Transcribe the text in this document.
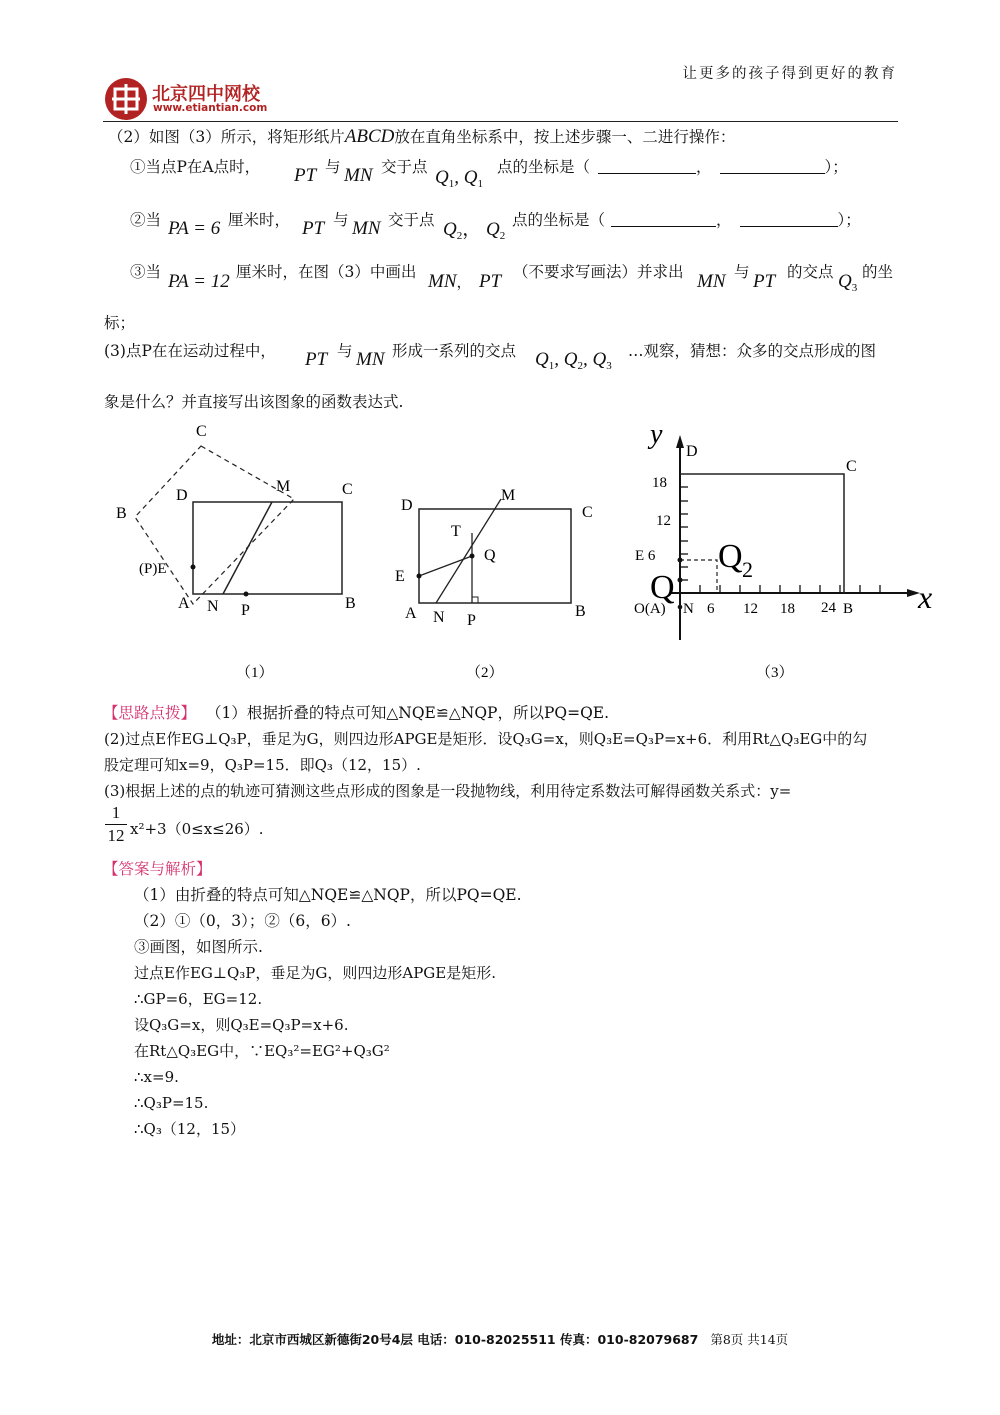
北京四中网校
www.etiantian.com
让更多的孩子得到更好的教育
（2）如图（3）所示，将矩形纸片ABCD放在直角坐标系中，按上述步骤一、二进行操作：
①当点P在A点时， PT 与 MN 交于点 $Q_1$, $Q_1$
点的坐标是（	，	）；
②当 PA = 6 厘米时， PT 与 MN 交于点 $Q_2$， $Q_2$
点的坐标是（	，	）；
③当 PA = 12 厘米时，在图（3）中画出 MN， PT （不要求写画法）并求出 MN 与 PT 的交点 $Q_3$
的坐
标；
(3)点P在在运动过程中， PT 与 MN 形成一系列的交点 $Q_1$, $Q_2$, $Q_3$
…观察，猜想：众多的交点形成的图
象是什么？并直接写出该图象的函数表达式.
C
B
D
M	C
(P)E
A N P	B
（1）
D
M
C
T
Q
E
A N P
B
（2）
y
D
C
18
12
E 6 Q 2
Q	x
O(A) N 6 12 18 24 B
（3）
【思路点拨】 （1）根据折叠的特点可知△NQE≌△NQP，所以PQ=QE.
(2)过点E作EG⊥Q₃P，垂足为G，则四边形APGE是矩形．设Q₃G=x，则Q₃E=Q₃P=x+6．利用Rt△Q₃EG中的勾
股定理可知x=9，Q₃P=15．即Q₃（12，15）.
(3)根据上述的点的轨迹可猜测这些点形成的图象是一段抛物线，利用待定系数法可解得函数关系式：y=
1
12 x²+3（0≤x≤26）.
【答案与解析】
（1）由折叠的特点可知△NQE≌△NQP，所以PQ=QE.
（2）①（0，3）；②（6，6）.
③画图，如图所示.
过点E作EG⊥Q₃P，垂足为G，则四边形APGE是矩形.
∴GP=6，EG=12.
设Q₃G=x，则Q₃E=Q₃P=x+6.
在Rt△Q₃EG中，∵EQ₃²=EG²+Q₃G²
∴x=9.
∴Q₃P=15.
∴Q₃（12，15）
地址：北京市西城区新德街20号4层 电话：010-82025511 传真：010-82079687 第8页 共14页
